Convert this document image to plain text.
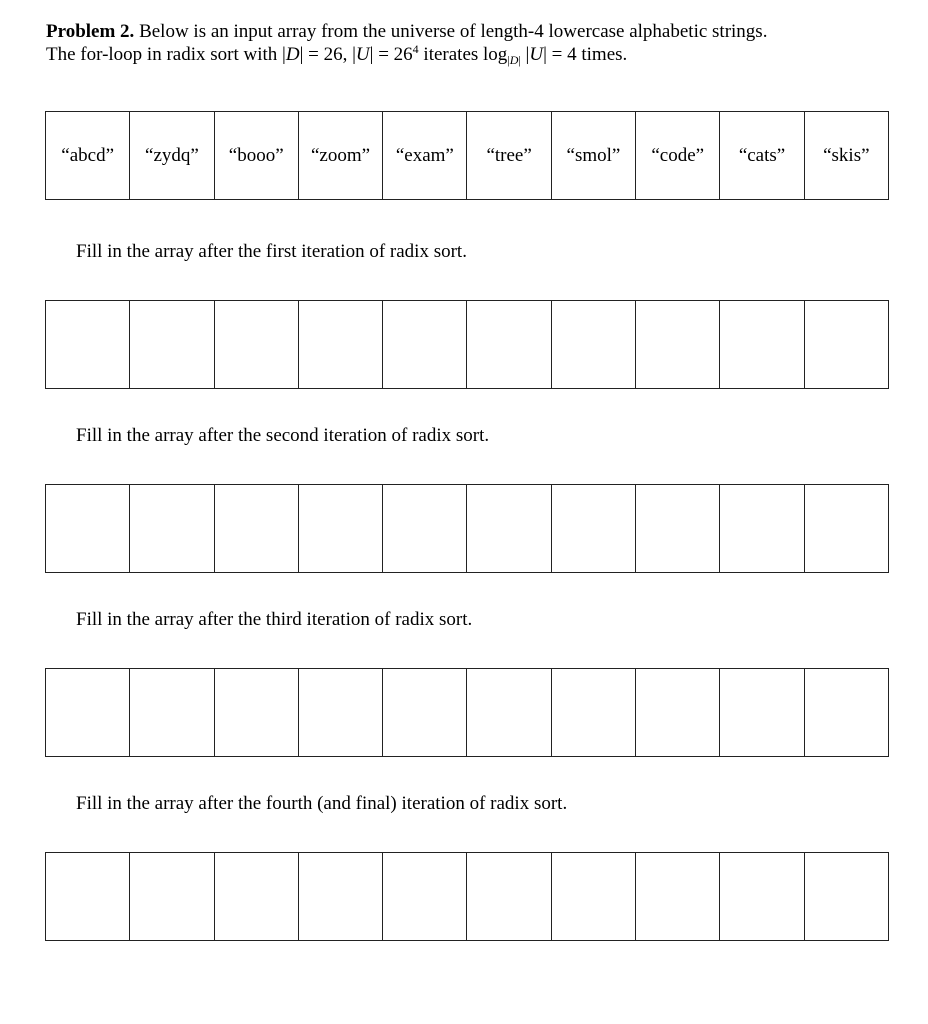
Problem 2. Below is an input array from the universe of length-4 lowercase alphabetic strings.
The for-loop in radix sort with |D| = 26, $|U| = 26^4$ iterates $\log_{|D|} |U| = 4$ times.
“abcd”	“zydq”	“booo”	“zoom”	“exam”	“tree”	“smol”	“code”	“cats”	“skis”
Fill in the array after the first iteration of radix sort.
Fill in the array after the second iteration of radix sort.
Fill in the array after the third iteration of radix sort.
Fill in the array after the fourth (and final) iteration of radix sort.
